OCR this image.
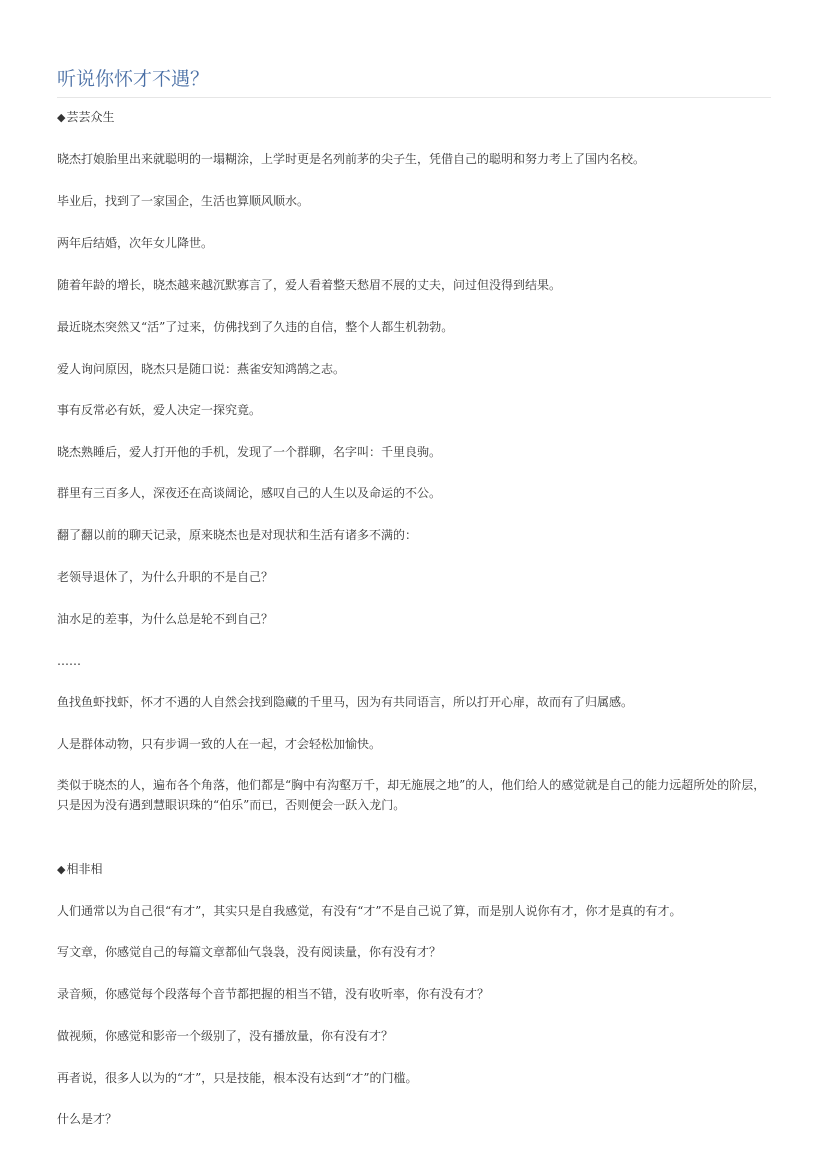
听说你怀才不遇？

◆芸芸众生

晓杰打娘胎里出来就聪明的一塌糊涂，上学时更是名列前茅的尖子生，凭借自己的聪明和努力考上了国内名校。

毕业后，找到了一家国企，生活也算顺风顺水。

两年后结婚，次年女儿降世。

随着年龄的增长，晓杰越来越沉默寡言了，爱人看着整天愁眉不展的丈夫，问过但没得到结果。

最近晓杰突然又“活”了过来，仿佛找到了久违的自信，整个人都生机勃勃。

爱人询问原因，晓杰只是随口说：燕雀安知鸿鹄之志。

事有反常必有妖，爱人决定一探究竟。

晓杰熟睡后，爱人打开他的手机，发现了一个群聊，名字叫：千里良驹。

群里有三百多人，深夜还在高谈阔论，感叹自己的人生以及命运的不公。

翻了翻以前的聊天记录，原来晓杰也是对现状和生活有诸多不满的：

老领导退休了，为什么升职的不是自己？

油水足的差事，为什么总是轮不到自己？

……

鱼找鱼虾找虾，怀才不遇的人自然会找到隐藏的千里马，因为有共同语言，所以打开心扉，故而有了归属感。

人是群体动物，只有步调一致的人在一起，才会轻松加愉快。

类似于晓杰的人，遍布各个角落，他们都是“胸中有沟壑万千，却无施展之地”的人，他们给人的感觉就是自己的能力远超所处的阶层，只是因为没有遇到慧眼识珠的“伯乐”而已，否则便会一跃入龙门。

◆相非相

人们通常以为自己很“有才”，其实只是自我感觉，有没有“才”不是自己说了算，而是别人说你有才，你才是真的有才。

写文章，你感觉自己的每篇文章都仙气袅袅，没有阅读量，你有没有才？

录音频，你感觉每个段落每个音节都把握的相当不错，没有收听率，你有没有才？

做视频，你感觉和影帝一个级别了，没有播放量，你有没有才？

再者说，很多人以为的“才”，只是技能，根本没有达到“才”的门槛。

什么是才？
